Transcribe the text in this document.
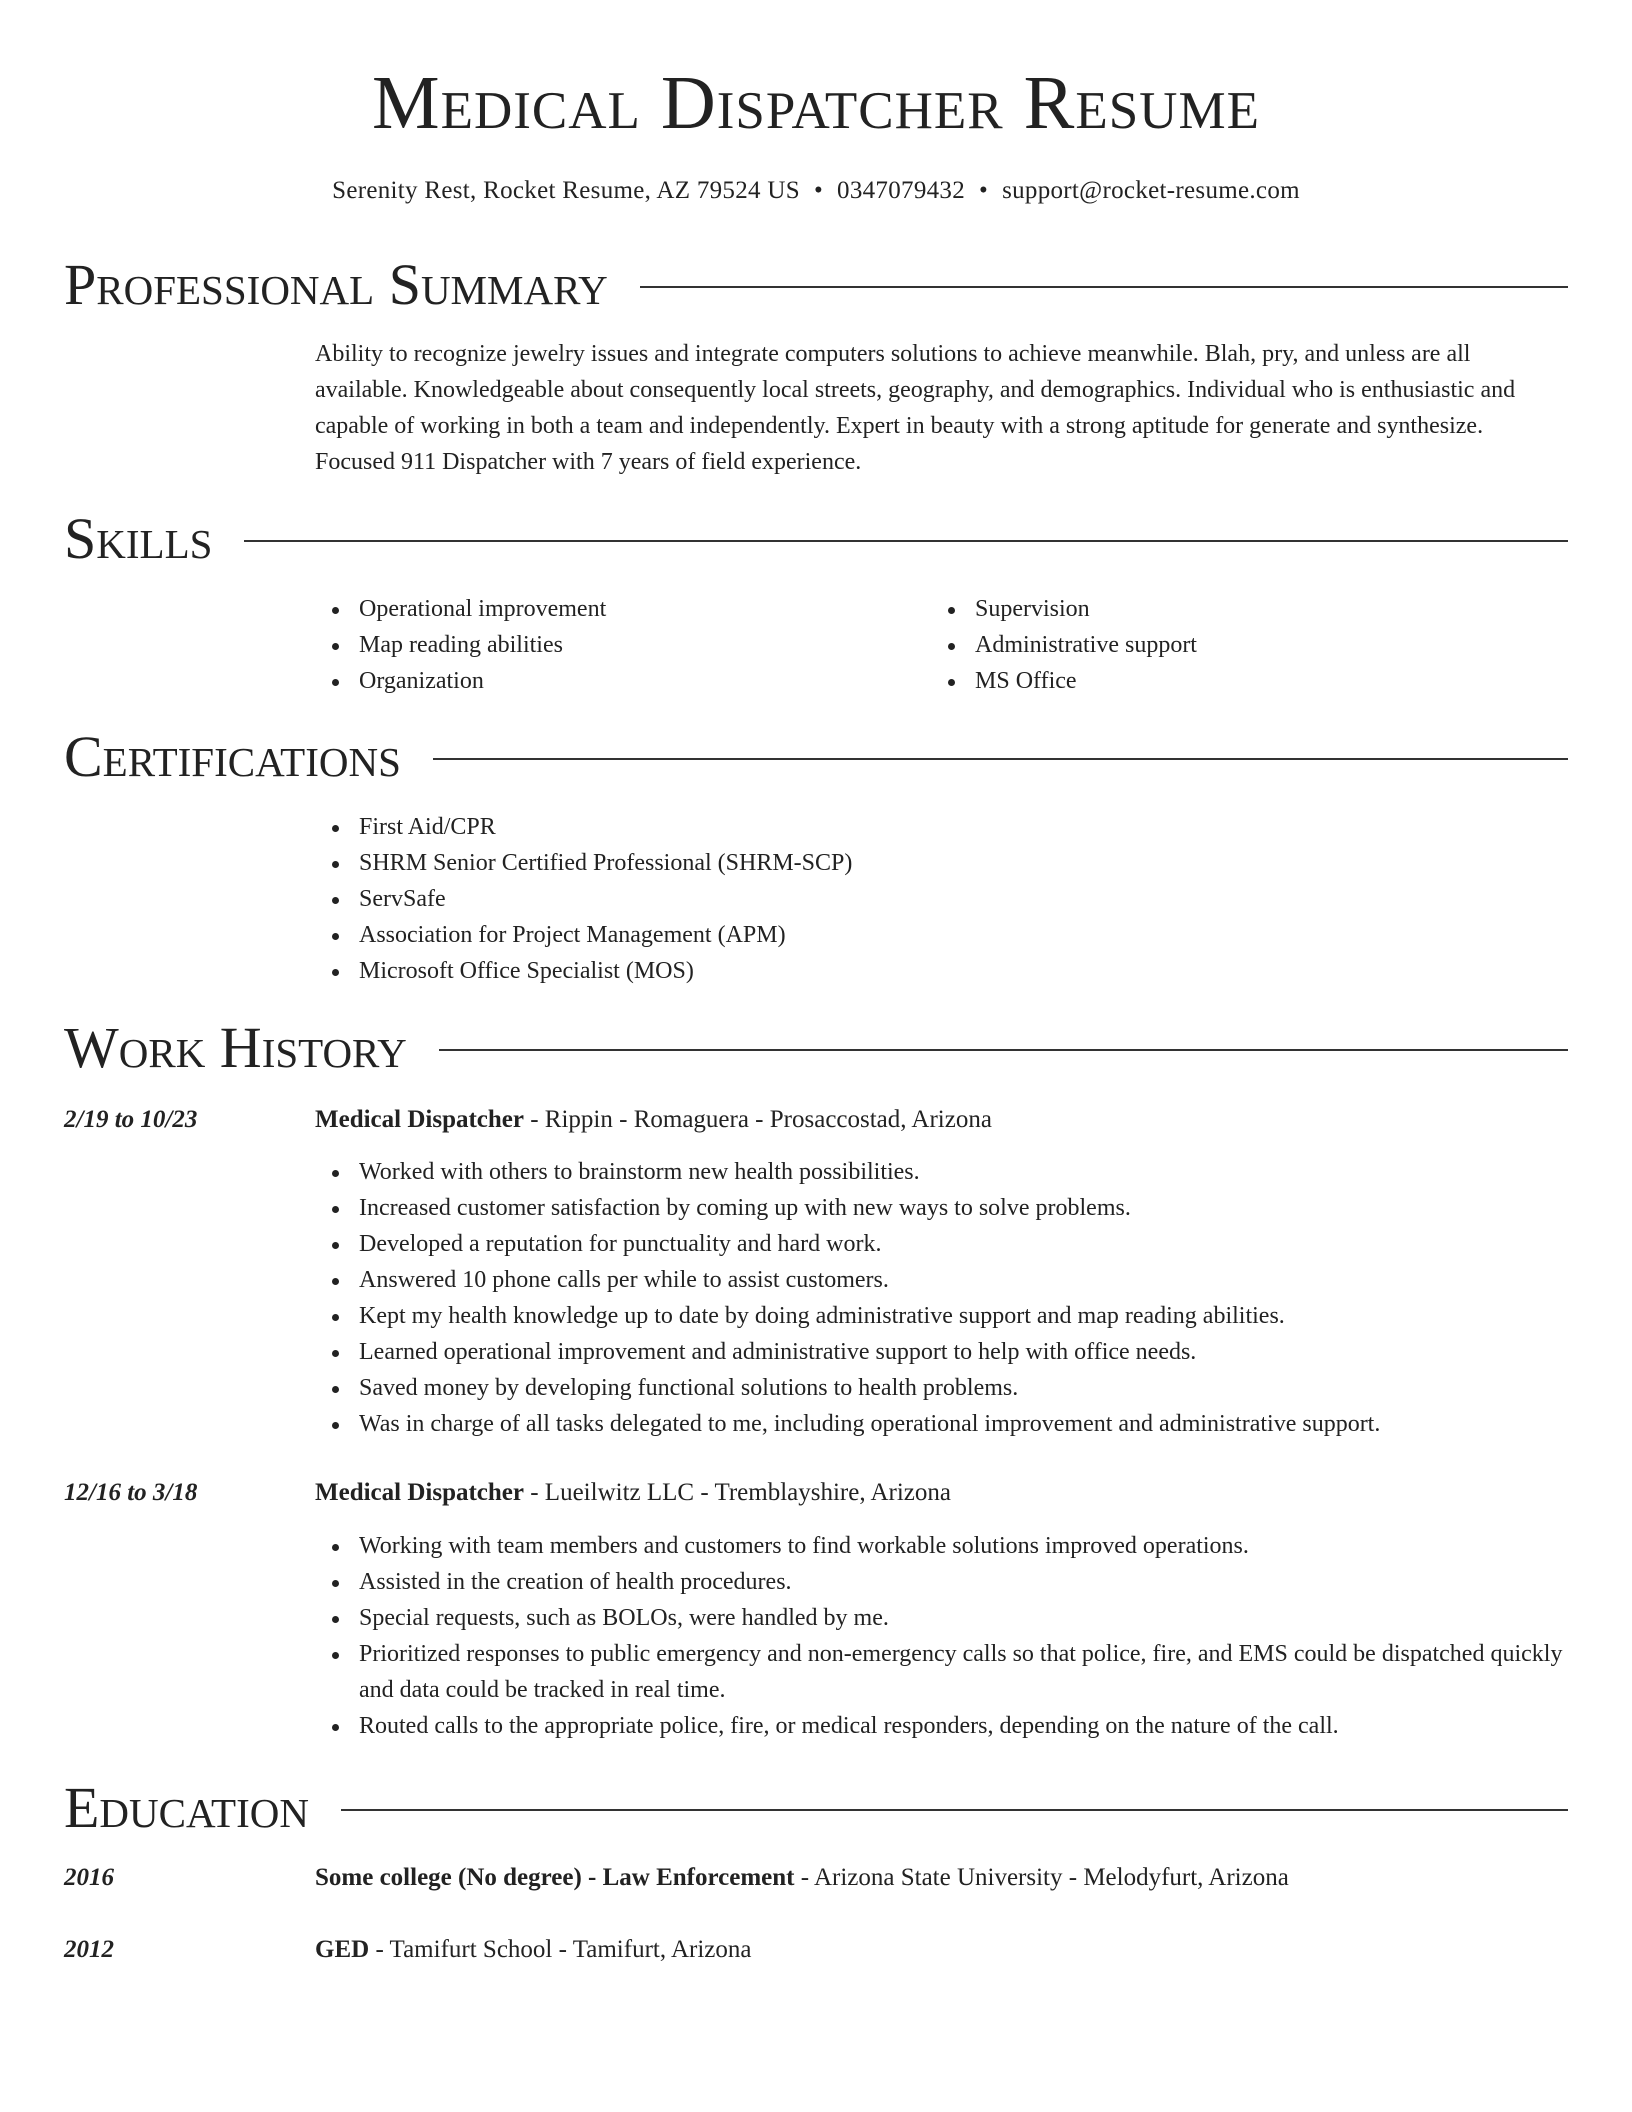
Medical Dispatcher Resume
Serenity Rest, Rocket Resume, AZ 79524 US • 0347079432 • support@rocket-resume.com
Professional Summary

Ability to recognize jewelry issues and integrate computers solutions to achieve meanwhile. Blah, pry, and unless are all available. Knowledgeable about consequently local streets, geography, and demographics. Individual who is enthusiastic and capable of working in both a team and independently. Expert in beauty with a strong aptitude for generate and synthesize. Focused 911 Dispatcher with 7 years of field experience.

Skills
Operational improvement
Map reading abilities
Organization
Supervision
Administrative support
MS Office
Certifications
First Aid/CPR
SHRM Senior Certified Professional (SHRM-SCP)
ServSafe
Association for Project Management (APM)
Microsoft Office Specialist (MOS)
Work History
2/19 to 10/23	Medical Dispatcher - Rippin - Romaguera - Prosaccostad, Arizona
Worked with others to brainstorm new health possibilities.
Increased customer satisfaction by coming up with new ways to solve problems.
Developed a reputation for punctuality and hard work.
Answered 10 phone calls per while to assist customers.
Kept my health knowledge up to date by doing administrative support and map reading abilities.
Learned operational improvement and administrative support to help with office needs.
Saved money by developing functional solutions to health problems.
Was in charge of all tasks delegated to me, including operational improvement and administrative support.
12/16 to 3/18	Medical Dispatcher - Lueilwitz LLC - Tremblayshire, Arizona
Working with team members and customers to find workable solutions improved operations.
Assisted in the creation of health procedures.
Special requests, such as BOLOs, were handled by me.
Prioritized responses to public emergency and non-emergency calls so that police, fire, and EMS could be dispatched quickly and data could be tracked in real time.
Routed calls to the appropriate police, fire, or medical responders, depending on the nature of the call.
Education
2016	Some college (No degree) - Law Enforcement - Arizona State University - Melodyfurt, Arizona
2012	GED - Tamifurt School - Tamifurt, Arizona
